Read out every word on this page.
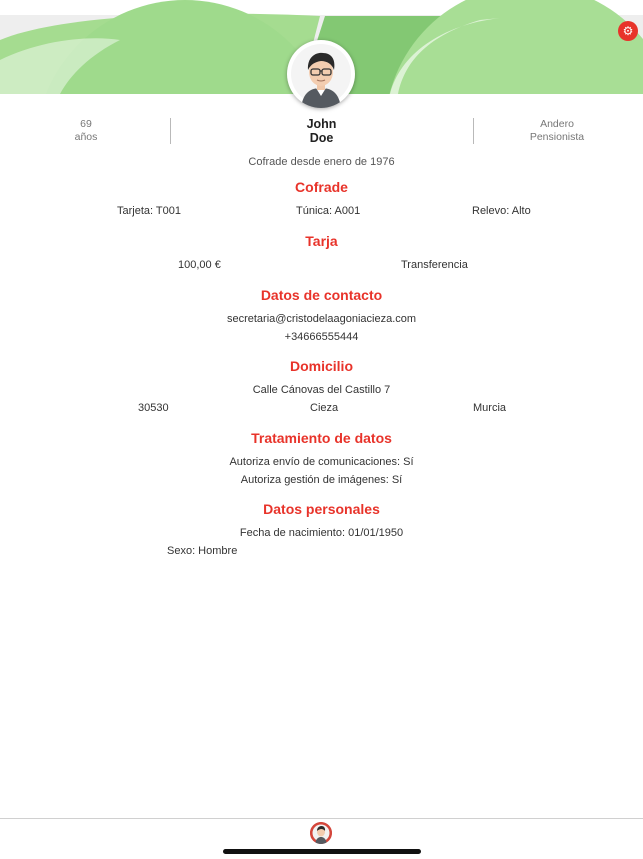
⚙
69
años
Andero
Pensionista
John
Doe
Cofrade desde enero de 1976
Cofrade
Tarjeta: T001	Túnica: A001	Relevo: Alto
Tarja
100,00 €	Transferencia
Datos de contacto
secretaria@cristodelaagoniacieza.com
+34666555444
Domicilio
Calle Cánovas del Castillo 7
30530	Cieza	Murcia
Tratamiento de datos
Autoriza envío de comunicaciones: Sí
Autoriza gestión de imágenes: Sí
Datos personales
Fecha de nacimiento: 01/01/1950
Sexo: Hombre
